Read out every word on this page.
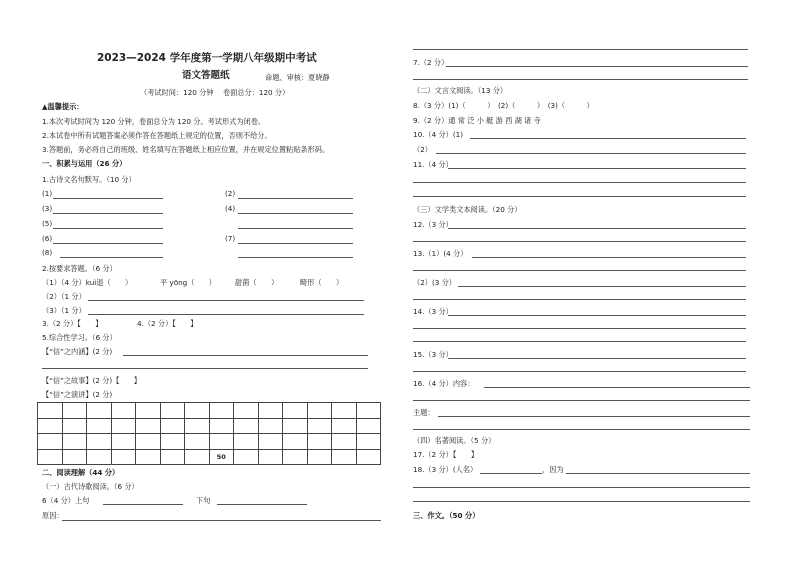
2023—2024 学年度第一学期八年级期中考试
语文答题纸	命题、审核：夏晓静
（考试时间：120 分钟　 卷面总分：120 分）
▲温馨提示：
1.本次考试时间为 120 分钟，卷面总分为 120 分。考试形式为闭卷。
2.本试卷中所有试题答案必须作答在答题纸上规定的位置，否则不给分。
3.答题前，务必将自己的班级、姓名填写在答题纸上相应位置，并在规定位置粘贴条形码。
一、积累与运用（26 分）
1.古诗文名句默写。（10 分）
(1)	(2)
(3)	(4)
(5)
(6)	(7)
(8)
2.按要求答题。（6 分）
（1）（4 分）kuì退（　　）	平 yōng（　　）	甜菌（　　）	畸形（　　）
（2）（1 分）
（3）（1 分）
3.（2 分）【　　】	4.（2 分）【　　】
5.综合性学习。（6 分）
【“信”之内涵】(2 分)
【“信”之故事】(2 分)【　　】
【“信”之演讲】(2 分)

							50						
二、阅读理解（44 分）
（一）古代诗歌阅读。（6 分）
6（4 分）上句	下句
原因：
7.（2 分）
（二）文言文阅读。（13 分）
8.（3 分）(1)（　　　）　(2)（　　　）　(3)（　　　）
9.（2 分）通 常 泛 小 艇 游 西 湖 诸 寺
10.（4 分）(1)
（2）
11.（4 分）
（三）文学类文本阅读。（20 分）
12.（3 分）
13.（1）(4 分）
（2）(3 分）
14.（3 分）
15.（3 分）
16.（4 分）内容：
主题：
（四）名著阅读。（5 分）
17.（2 分）【　　】
18.（3 分）(人名）	，因为
三、作文。（50 分）
